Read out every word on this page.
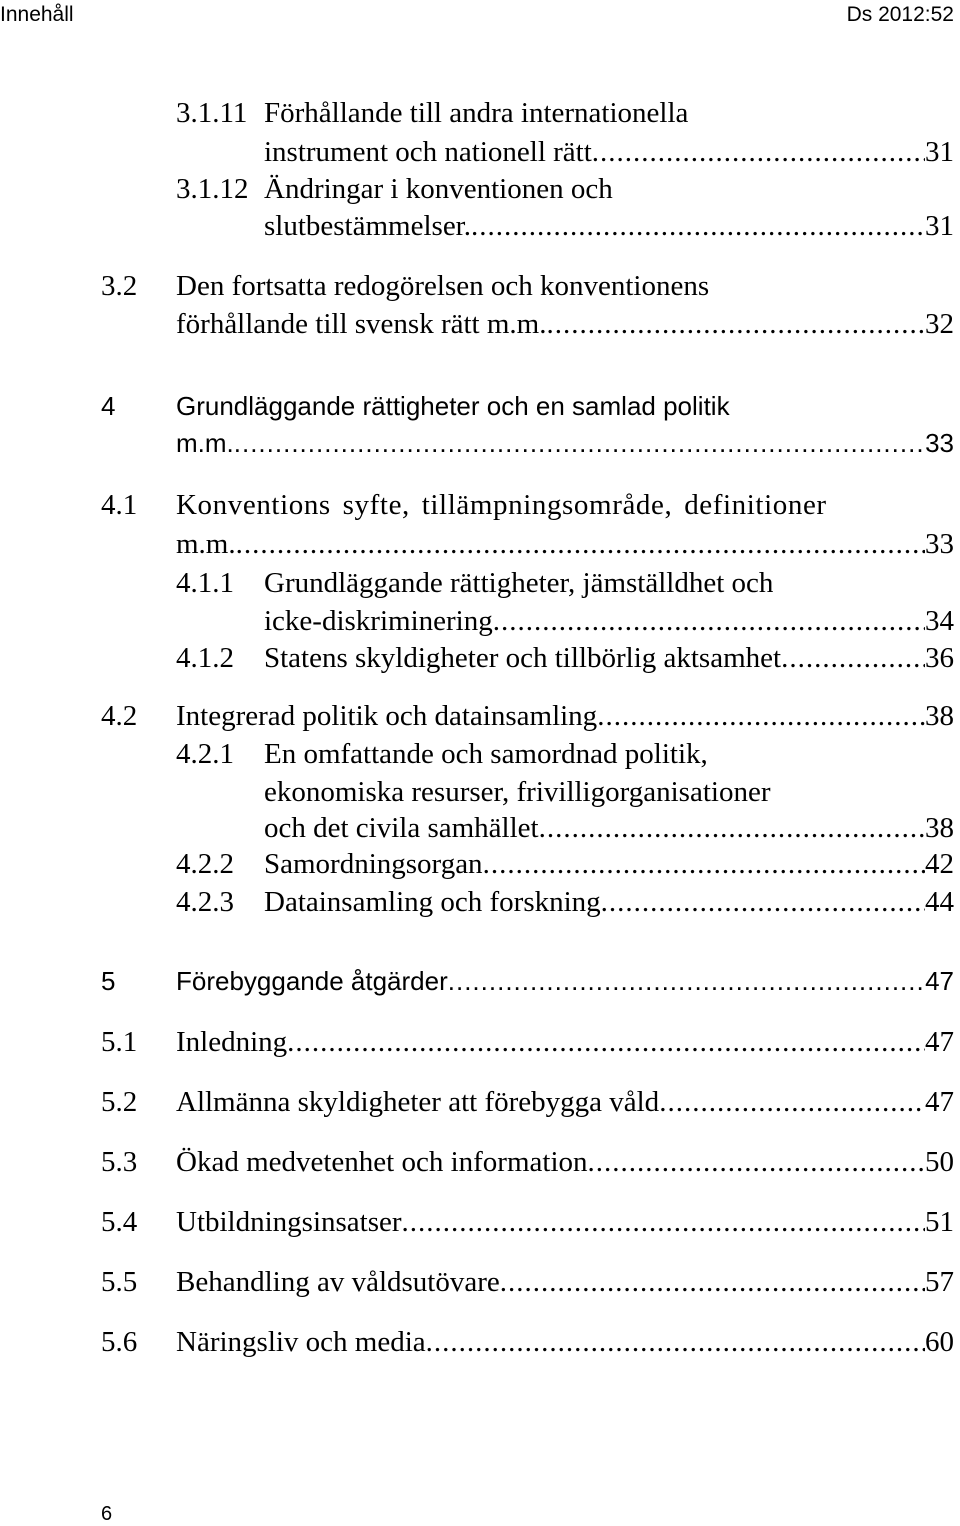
Innehåll	Ds 2012:52
3.1.11 Förhållande till andra internationella
instrument och nationell rätt .....	31
3.1.12 Ändringar i konventionen och
slutbestämmelser. .....	31
3.2 Den fortsatta redogörelsen och konventionens
förhållande till svensk rätt m.m. .....	32
4 Grundläggande rättigheter och en samlad politik
m.m. .....	33
4.1 Konventions syfte, tillämpningsområde, definitioner
m.m. .....	33
4.1.1 Grundläggande rättigheter, jämställdhet och
icke-diskriminering .....	34
4.1.2 Statens skyldigheter och tillbörlig aktsamhet .....	36
4.2 Integrerad politik och datainsamling .....	38
4.2.1 En omfattande och samordnad politik,
ekonomiska resurser, frivilligorganisationer
och det civila samhället .....	38
4.2.2 Samordningsorgan .....	42
4.2.3 Datainsamling och forskning .....	44
5 Förebyggande åtgärder .....	47
5.1 Inledning .....	47
5.2 Allmänna skyldigheter att förebygga våld .....	47
5.3 Ökad medvetenhet och information .....	50
5.4 Utbildningsinsatser .....	51
5.5 Behandling av våldsutövare .....	57
5.6 Näringsliv och media .....	60
6
